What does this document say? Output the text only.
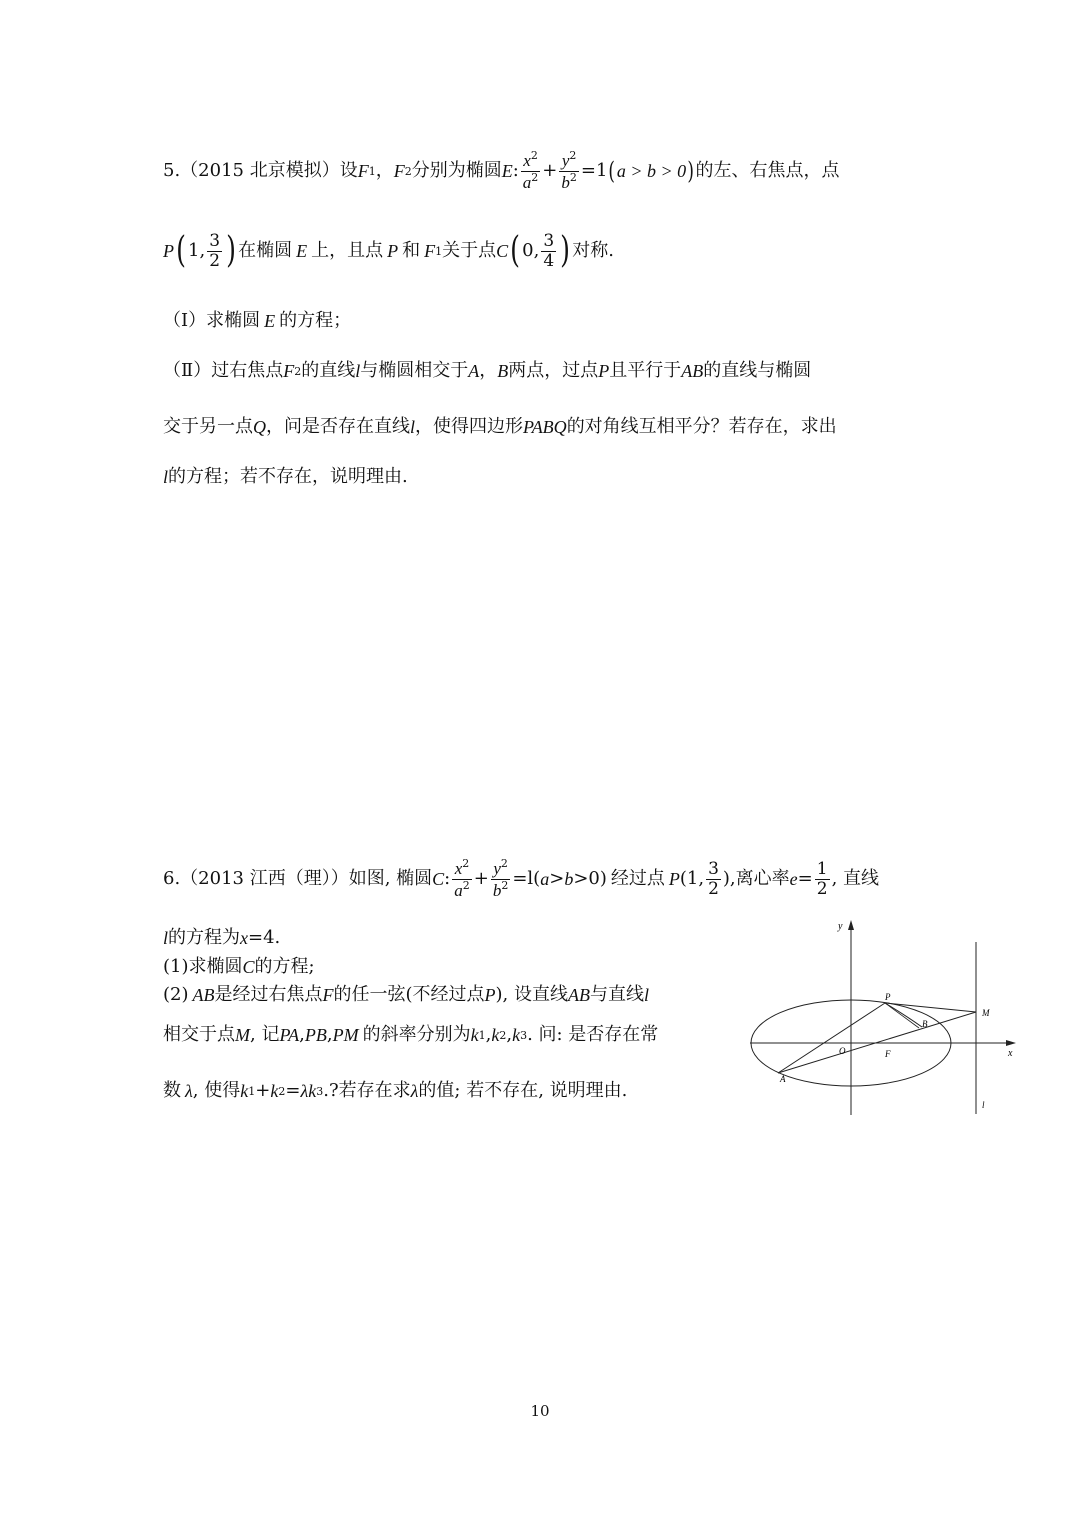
5.（2015 北京模拟）设 F 1 ， F 2 分别为椭圆 E : $\frac{x^2}{a^2} + \frac{y^2}{b^2} =1$ ( a > b > 0 ) 的左、右焦点，点
P ( 1, $\frac{3}{2}$ ) 在椭圆 E 上，且点 P 和 F 1 关于点 C ( 0, $\frac{3}{4}$ ) 对称.
（Ⅰ）求椭圆 E 的方程；
（Ⅱ）过右焦点 F 2 的直线 l 与椭圆相交于 A ， B 两点，过点 P 且平行于 AB 的直线与椭圆
交于另一点 Q ，问是否存在直线 l ，使得四边形 PABQ 的对角线互相平分？若存在，求出
l 的方程；若不存在，说明理由.
6.（2013 江西（理））如图, 椭圆 C : $\frac{x^2}{a^2} + \frac{y^2}{b^2} =l$( a > b >0) 经过点 P (1, $\frac{3}{2}$ ), 离心率 $e = \frac{1}{2}$ , 直线
l 的方程为 x =4.
(1)求椭圆 C 的方程;
(2) AB 是经过右焦点 F 的任一弦(不经过点 P ), 设直线 AB 与直线 l
相交于点 M , 记 PA , PB , PM 的斜率分别为 k 1 , k 2 , k 3 . 问: 是否存在常
数 λ , 使得 k 1 + k 2 = λ k 3 .?若存在求 λ 的值; 若不存在, 说明理由.
y
x
P
M
B
O	F
A
l
10
